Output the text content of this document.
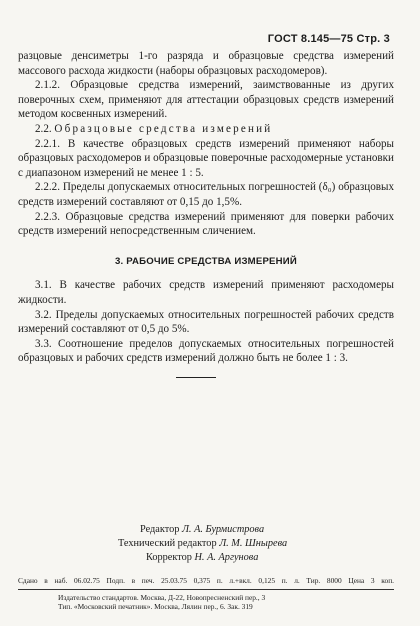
ГОСТ 8.145—75 Стр. 3

разцовые денсиметры 1-го разряда и образцовые средства измерений массового расхода жидкости (наборы образцовых расходомеров).

2.1.2. Образцовые средства измерений, заимствованные из других поверочных схем, применяют для аттестации образцовых средств измерений методом косвенных измерений.

2.2. Образцовые средства измерений

2.2.1. В качестве образцовых средств измерений применяют наборы образцовых расходомеров и образцовые поверочные расходомерные установки с диапазоном измерений не менее 1 : 5.

2.2.2. Пределы допускаемых относительных погрешностей (δ₀) образцовых средств измерений составляют от 0,15 до 1,5%.

2.2.3. Образцовые средства измерений применяют для поверки рабочих средств измерений непосредственным сличением.

3. РАБОЧИЕ СРЕДСТВА ИЗМЕРЕНИЙ

3.1. В качестве рабочих средств измерений применяют расходомеры жидкости.

3.2. Пределы допускаемых относительных погрешностей рабочих средств измерений составляют от 0,5 до 5%.

3.3. Соотношение пределов допускаемых относительных погрешностей образцовых и рабочих средств измерений должно быть не более 1 : 3.

Редактор Л. А. Бурмистрова
Технический редактор Л. М. Шнырева
Корректор Н. А. Аргунова
Сдано в наб. 06.02.75 Подп. в печ. 25.03.75 0,375 п. л.+вкл. 0,125 п. л. Тир. 8000 Цена 3 коп.
Издательство стандартов. Москва, Д-22, Новопресненский пер., 3
Тип. «Московский печатник». Москва, Лялин пер., 6. Зак. 319
